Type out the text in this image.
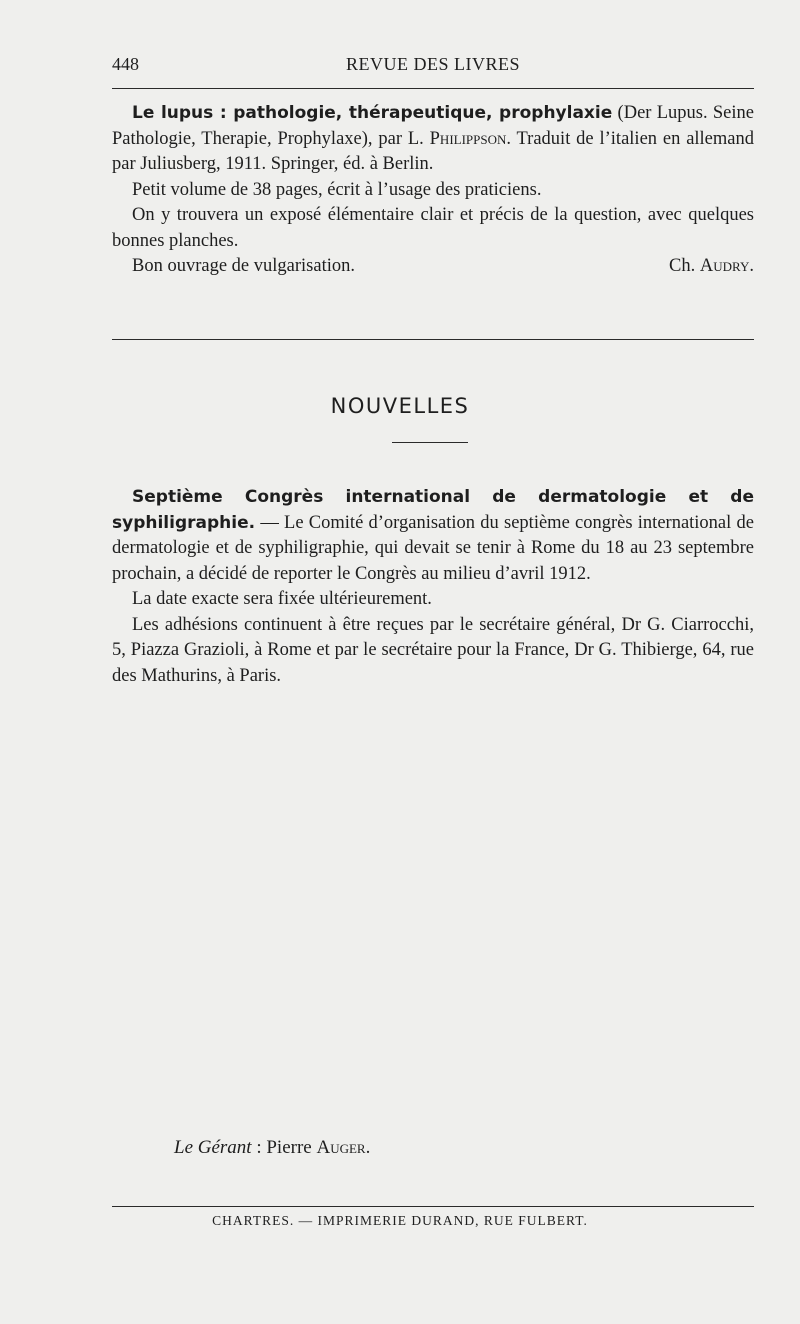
448	REVUE DES LIVRES

Le lupus : pathologie, thérapeutique, prophylaxie (Der Lupus. Seine Pathologie, Therapie, Prophylaxe), par L. Philippson. Traduit de l’italien en allemand par Juliusberg, 1911. Springer, éd. à Berlin.

Petit volume de 38 pages, écrit à l’usage des praticiens.

On y trouvera un exposé élémentaire clair et précis de la question, avec quelques bonnes planches.

Bon ouvrage de vulgarisation.	Ch. Audry.
NOUVELLES

Septième Congrès international de dermatologie et de syphiligraphie. — Le Comité d’organisation du septième congrès international de dermatologie et de syphiligraphie, qui devait se tenir à Rome du 18 au 23 septembre prochain, a décidé de reporter le Congrès au milieu d’avril 1912.

La date exacte sera fixée ultérieurement.

Les adhésions continuent à être reçues par le secrétaire général, Dr G. Ciarrocchi, 5, Piazza Grazioli, à Rome et par le secrétaire pour la France, Dr G. Thibierge, 64, rue des Mathurins, à Paris.

Le Gérant : Pierre Auger.
CHARTRES. — IMPRIMERIE DURAND, RUE FULBERT.
